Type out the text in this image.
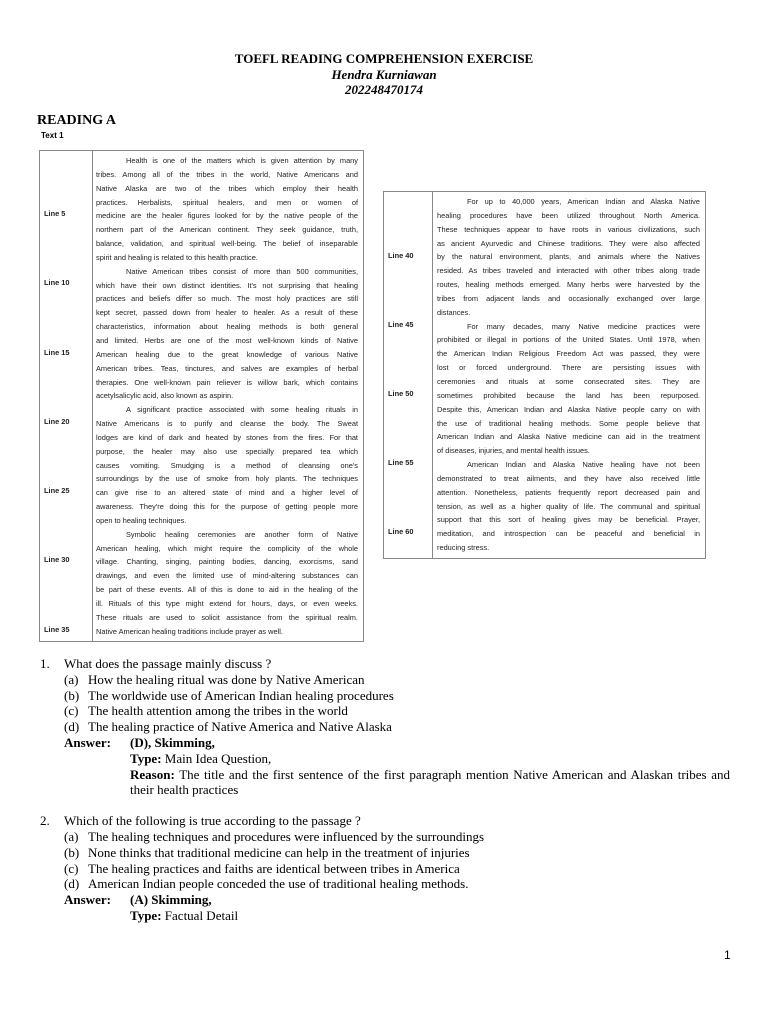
TOEFL READING COMPREHENSION EXERCISE
Hendra Kurniawan
202248470174
READING A
Text 1
Line 5
Line 10
Line 15
Line 20
Line 25
Line 30
Line 35
Health is one of the matters which is given attention by many
tribes. Among all of the tribes in the world, Native Americans and
Native Alaska are two of the tribes which employ their health
practices. Herbalists, spiritual healers, and men or women of
medicine are the healer figures looked for by the native people of the
northern part of the American continent. They seek guidance, truth,
balance, validation, and spiritual well-being. The belief of inseparable
spirit and healing is related to this health practice.
Native American tribes consist of more than 500 communities,
which have their own distinct identities. It's not surprising that healing
practices and beliefs differ so much. The most holy practices are still
kept secret, passed down from healer to healer. As a result of these
characteristics, information about healing methods is both general
and limited. Herbs are one of the most well-known kinds of Native
American healing due to the great knowledge of various Native
American tribes. Teas, tinctures, and salves are examples of herbal
therapies. One well-known pain reliever is willow bark, which contains
acetylsalicylic acid, also known as aspirin.
A significant practice associated with some healing rituals in
Native Americans is to purify and cleanse the body. The Sweat
lodges are kind of dark and heated by stones from the fires. For that
purpose, the healer may also use specially prepared tea which
causes vomiting. Smudging is a method of cleansing one's
surroundings by the use of smoke from holy plants. The techniques
can give rise to an altered state of mind and a higher level of
awareness. They're doing this for the purpose of getting people more
open to healing techniques.
Symbolic healing ceremonies are another form of Native
American healing, which might require the complicity of the whole
village. Chanting, singing, painting bodies, dancing, exorcisms, sand
drawings, and even the limited use of mind-altering substances can
be part of these events. All of this is done to aid in the healing of the
ill. Rituals of this type might extend for hours, days, or even weeks.
These rituals are used to solicit assistance from the spiritual realm.
Native American healing traditions include prayer as well.
Line 40
Line 45
Line 50
Line 55
Line 60
For up to 40,000 years, American Indian and Alaska Native
healing procedures have been utilized throughout North America.
These techniques appear to have roots in various civilizations, such
as ancient Ayurvedic and Chinese traditions. They were also affected
by the natural environment, plants, and animals where the Natives
resided. As tribes traveled and interacted with other tribes along trade
routes, healing methods emerged. Many herbs were harvested by the
tribes from adjacent lands and occasionally exchanged over large
distances.
For many decades, many Native medicine practices were
prohibited or illegal in portions of the United States. Until 1978, when
the American Indian Religious Freedom Act was passed, they were
lost or forced underground. There are persisting issues with
ceremonies and rituals at some consecrated sites. They are
sometimes prohibited because the land has been repurposed.
Despite this, American Indian and Alaska Native people carry on with
the use of traditional healing methods. Some people believe that
American Indian and Alaska Native medicine can aid in the treatment
of diseases, injuries, and mental health issues.
American Indian and Alaska Native healing have not been
demonstrated to treat ailments, and they have also received little
attention. Nonetheless, patients frequently report decreased pain and
tension, as well as a higher quality of life. The communal and spiritual
support that this sort of healing gives may be beneficial. Prayer,
meditation, and introspection can be peaceful and beneficial in
reducing stress.
1.	What does the passage mainly discuss ?
(a) How the healing ritual was done by Native American
(b) The worldwide use of American Indian healing procedures
(c) The health attention among the tribes in the world
(d) The healing practice of Native America and Native Alaska
Answer: (D), Skimming,
Type: Main Idea Question,
Reason: The title and the first sentence of the first paragraph mention Native American and Alaskan tribes and their health practices
2.	Which of the following is true according to the passage ?
(a) The healing techniques and procedures were influenced by the surroundings
(b) None thinks that traditional medicine can help in the treatment of injuries
(c) The healing practices and faiths are identical between tribes in America
(d) American Indian people conceded the use of traditional healing methods.
Answer: (A) Skimming,
Type: Factual Detail
1
